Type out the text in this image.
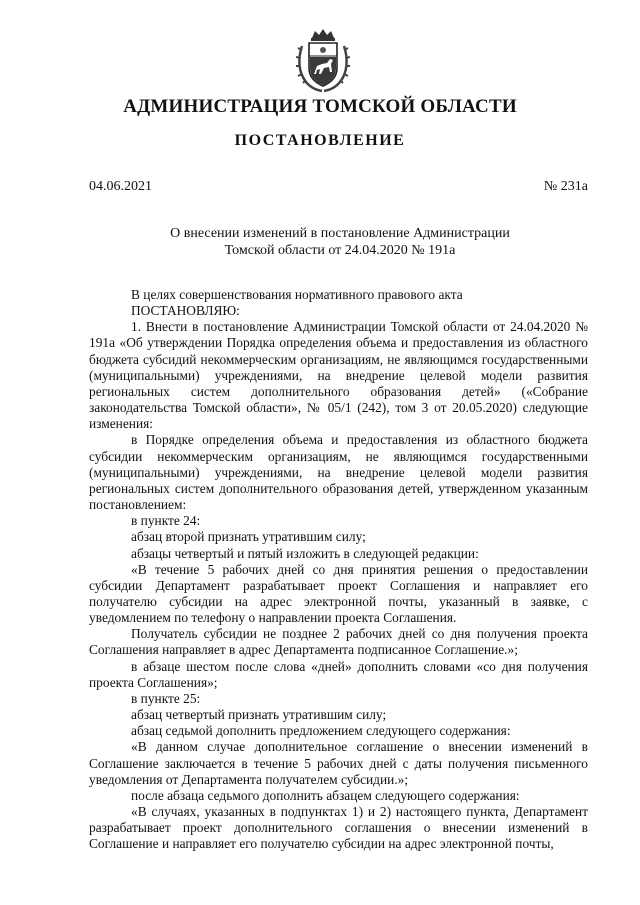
АДМИНИСТРАЦИЯ ТОМСКОЙ ОБЛАСТИ
ПОСТАНОВЛЕНИЕ
04.06.2021	№ 231а
О внесении изменений в постановление Администрации
Томской области от 24.04.2020 № 191а

В целях совершенствования нормативного правового акта

ПОСТАНОВЛЯЮ:

1. Внести в постановление Администрации Томской области от 24.04.2020 № 191а «Об утверждении Порядка определения объема и предоставления из областного бюджета субсидий некоммерческим организациям, не являющимся государственными (муниципальными) учреждениями, на внедрение целевой модели развития региональных систем дополнительного образования детей» («Собрание законодательства Томской области», № 05/1 (242), том 3 от 20.05.2020) следующие изменения:

в Порядке определения объема и предоставления из областного бюджета субсидии некоммерческим организациям, не являющимся государственными (муниципальными) учреждениями, на внедрение целевой модели развития региональных систем дополнительного образования детей, утвержденном указанным постановлением:

в пункте 24:

абзац второй признать утратившим силу;

абзацы четвертый и пятый изложить в следующей редакции:

«В течение 5 рабочих дней со дня принятия решения о предоставлении субсидии Департамент разрабатывает проект Соглашения и направляет его получателю субсидии на адрес электронной почты, указанный в заявке, с уведомлением по телефону о направлении проекта Соглашения.

Получатель субсидии не позднее 2 рабочих дней со дня получения проекта Соглашения направляет в адрес Департамента подписанное Соглашение.»;

в абзаце шестом после слова «дней» дополнить словами «со дня получения проекта Соглашения»;

в пункте 25:

абзац четвертый признать утратившим силу;

абзац седьмой дополнить предложением следующего содержания:

«В данном случае дополнительное соглашение о внесении изменений в Соглашение заключается в течение 5 рабочих дней с даты получения письменного уведомления от Департамента получателем субсидии.»;

после абзаца седьмого дополнить абзацем следующего содержания:

«В случаях, указанных в подпунктах 1) и 2) настоящего пункта, Департамент разрабатывает проект дополнительного соглашения о внесении изменений в Соглашение и направляет его получателю субсидии на адрес электронной почты,
